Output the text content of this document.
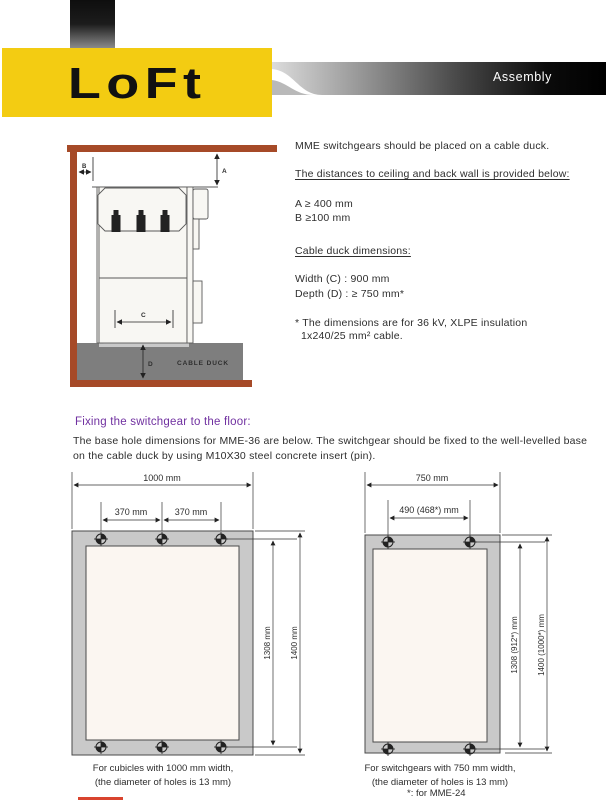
LoFt	Assembly
CABLE DUCK
A
B
C
D
MME switchgears should be placed on a cable duck.
The distances to ceiling and back wall is provided below:
A ≥ 400 mm
B ≥100 mm
Cable duck dimensions:
Width (C) : 900 mm
Depth (D) : ≥ 750 mm*
* The dimensions are for 36 kV, XLPE insulation
1x240/25 mm² cable.
Fixing the switchgear to the floor:
The base hole dimensions for MME-36 are below. The switchgear should be fixed to the well-levelled base
on the cable duck by using M10X30 steel concrete insert (pin).
1000 mm
370 mm	370 mm
1308 mm 1400 mm
For cubicles with 1000 mm width,
(the diameter of holes is 13 mm)
750 mm
490 (468*) mm
1308 (912*) mm 1400 (1000*) mm
For switchgears with 750 mm width,
(the diameter of holes is 13 mm)
*: for MME-24
